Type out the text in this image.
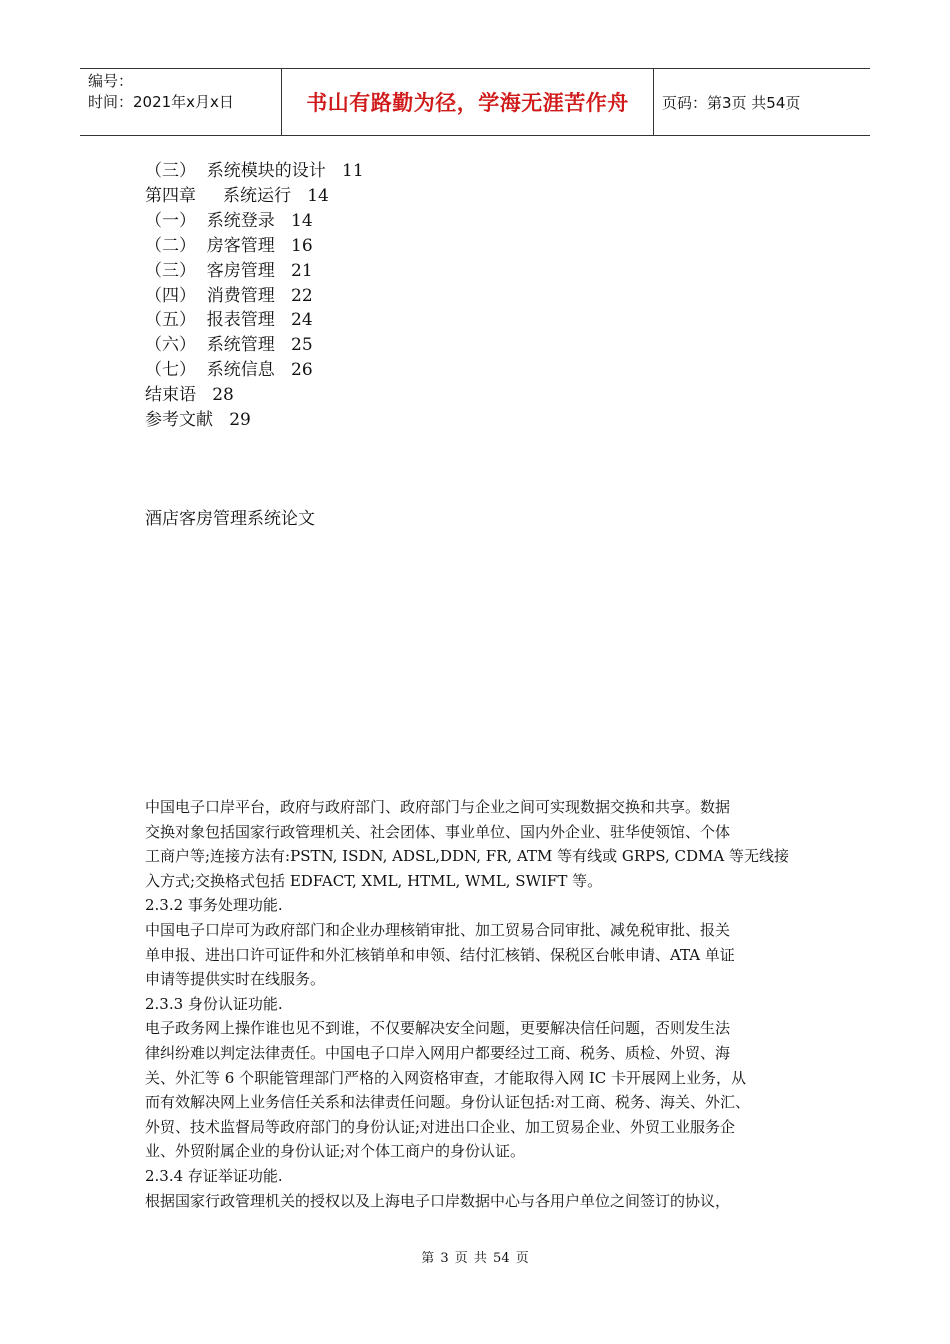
编号：
时间：2021年x月x日	书山有路勤为径，学海无涯苦作舟	页码：第3页 共54页
（三）  系统模块的设计   11
第四章     系统运行   14
（一）  系统登录   14
（二）  房客管理   16
（三）  客房管理   21
（四）  消费管理   22
（五）  报表管理   24
（六）  系统管理   25
（七）  系统信息   26
结束语   28
参考文献   29
酒店客房管理系统论文

中国电子口岸平台，政府与政府部门、政府部门与企业之间可实现数据交换和共享。数据

交换对象包括国家行政管理机关、社会团体、事业单位、国内外企业、驻华使领馆、个体

工商户等;连接方法有:PSTN, ISDN, ADSL,DDN, FR, ATM 等有线或 GRPS, CDMA 等无线接

入方式;交换格式包括 EDFACT, XML, HTML, WML, SWIFT 等。

2.3.2 事务处理功能.

中国电子口岸可为政府部门和企业办理核销审批、加工贸易合同审批、减免税审批、报关

单申报、进出口许可证件和外汇核销单和申领、结付汇核销、保税区台帐申请、ATA 单证

申请等提供实时在线服务。

2.3.3 身份认证功能.

电子政务网上操作谁也见不到谁，不仅要解决安全问题，更要解决信任问题，否则发生法

律纠纷难以判定法律责任。中国电子口岸入网用户都要经过工商、税务、质检、外贸、海

关、外汇等 6 个职能管理部门严格的入网资格审查，才能取得入网 IC 卡开展网上业务，从

而有效解决网上业务信任关系和法律责任问题。身份认证包括:对工商、税务、海关、外汇、

外贸、技术监督局等政府部门的身份认证;对进出口企业、加工贸易企业、外贸工业服务企

业、外贸附属企业的身份认证;对个体工商户的身份认证。

2.3.4 存证举证功能.

根据国家行政管理机关的授权以及上海电子口岸数据中心与各用户单位之间签订的协议，

第 3 页 共 54 页
